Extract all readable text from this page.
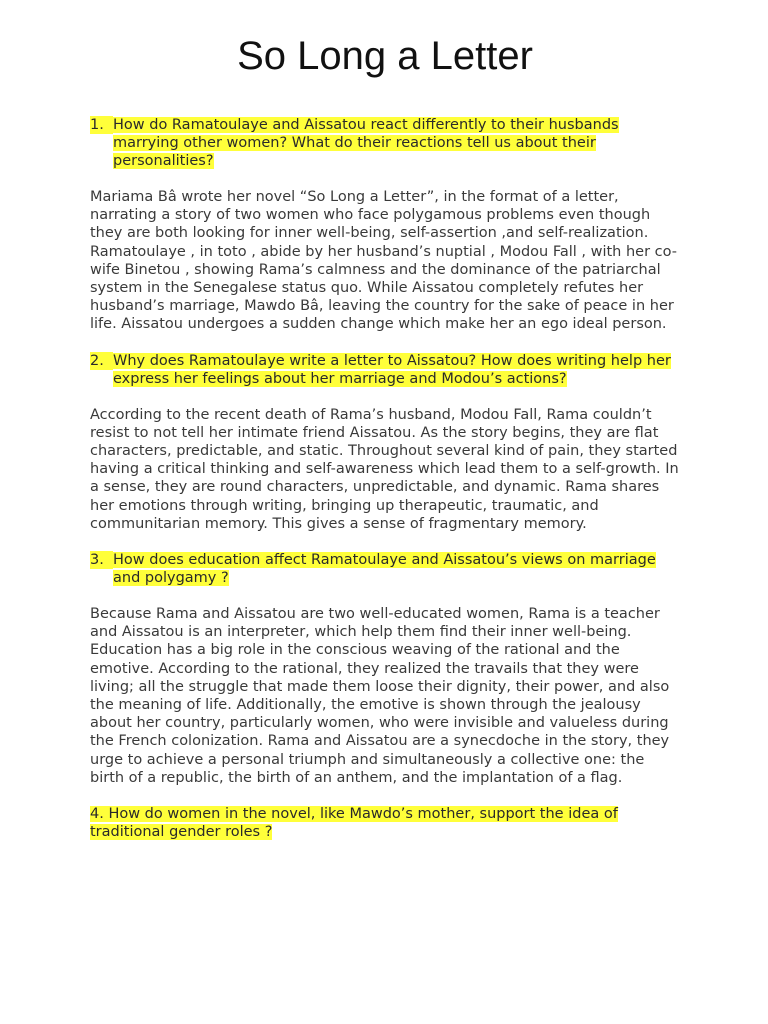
So Long a Letter
1. How do Ramatoulaye and Aissatou react differently to their husbands marrying other women? What do their reactions tell us about their personalities?

Mariama Bâ wrote her novel “So Long a Letter”, in the format of a letter, narrating a story of two women who face polygamous problems even though they are both looking for inner well-being, self-assertion ,and self-realization. Ramatoulaye , in toto , abide by her husband’s nuptial , Modou Fall , with her co-wife Binetou , showing Rama’s calmness and the dominance of the patriarchal system in the Senegalese status quo. While Aissatou completely refutes her husband’s marriage, Mawdo Bâ, leaving the country for the sake of peace in her life. Aissatou undergoes a sudden change which make her an ego ideal person.

2. Why does Ramatoulaye write a letter to Aissatou? How does writing help her express her feelings about her marriage and Modou’s actions?

According to the recent death of Rama’s husband, Modou Fall, Rama couldn’t resist to not tell her intimate friend Aissatou. As the story begins, they are flat characters, predictable, and static. Throughout several kind of pain, they started having a critical thinking and self-awareness which lead them to a self-growth. In a sense, they are round characters, unpredictable, and dynamic. Rama shares her emotions through writing, bringing up therapeutic, traumatic, and communitarian memory. This gives a sense of fragmentary memory.

3. How does education affect Ramatoulaye and Aissatou’s views on marriage and polygamy ?

Because Rama and Aissatou are two well-educated women, Rama is a teacher and Aissatou is an interpreter, which help them find their inner well-being. Education has a big role in the conscious weaving of the rational and the emotive. According to the rational, they realized the travails that they were living; all the struggle that made them loose their dignity, their power, and also the meaning of life. Additionally, the emotive is shown through the jealousy about her country, particularly women, who were invisible and valueless during the French colonization. Rama and Aissatou are a synecdoche in the story, they urge to achieve a personal triumph and simultaneously a collective one: the birth of a republic, the birth of an anthem, and the implantation of a flag.

4. How do women in the novel, like Mawdo’s mother, support the idea of traditional gender roles ?
